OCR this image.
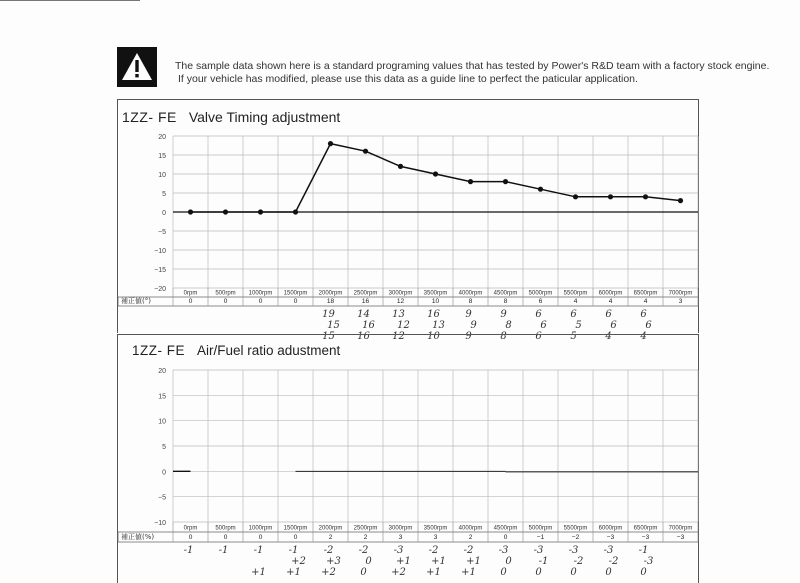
The sample data shown here is a standard programing values that has tested by Power's R&D team with a factory stock engine.
If your vehicle has modified, please use this data as a guide line to perfect the paticular application.
1ZZ- FE Valve Timing adjustment
20
15
10
5
0
−5
−10
−15
−20
補正値(°)
0rpm	500rpm 1000rpm 1500rpm 2000rpm 2500rpm 3000rpm 3500rpm 4000rpm 4500rpm 5000rpm 5500rpm 6000rpm 6500rpm 7000rpm
0	0	0	0	18	16	12	10	8	8	6	4	4	4	3
19 14 13 16	9	9	6	6	6	6
15 16 12 13	9	8	6	5	6	6
15 16 12 10	9	8	6	5	4	4
1ZZ- FE Air/Fuel ratio adustment
20
15
10
5
0
−5
−10
補正値(%)
0rpm	500rpm 1000rpm 1500rpm 2000rpm 2500rpm 3000rpm 3500rpm 4000rpm 4500rpm 5000rpm 5500rpm 6000rpm 6500rpm 7000rpm
0	0	0	0	2	2	3	3	2	0	−1	−2	−3	−3	−3
-1	-1	-1	-1	-2	-2	-3	-2	-2	-3	-3	-3	-3	-1
+2 +3 0 +1 +1 +1 0	-1	-2	-2	-3
+1 +1 +2 0 +2 +1 +1 0	0	0	0	0
